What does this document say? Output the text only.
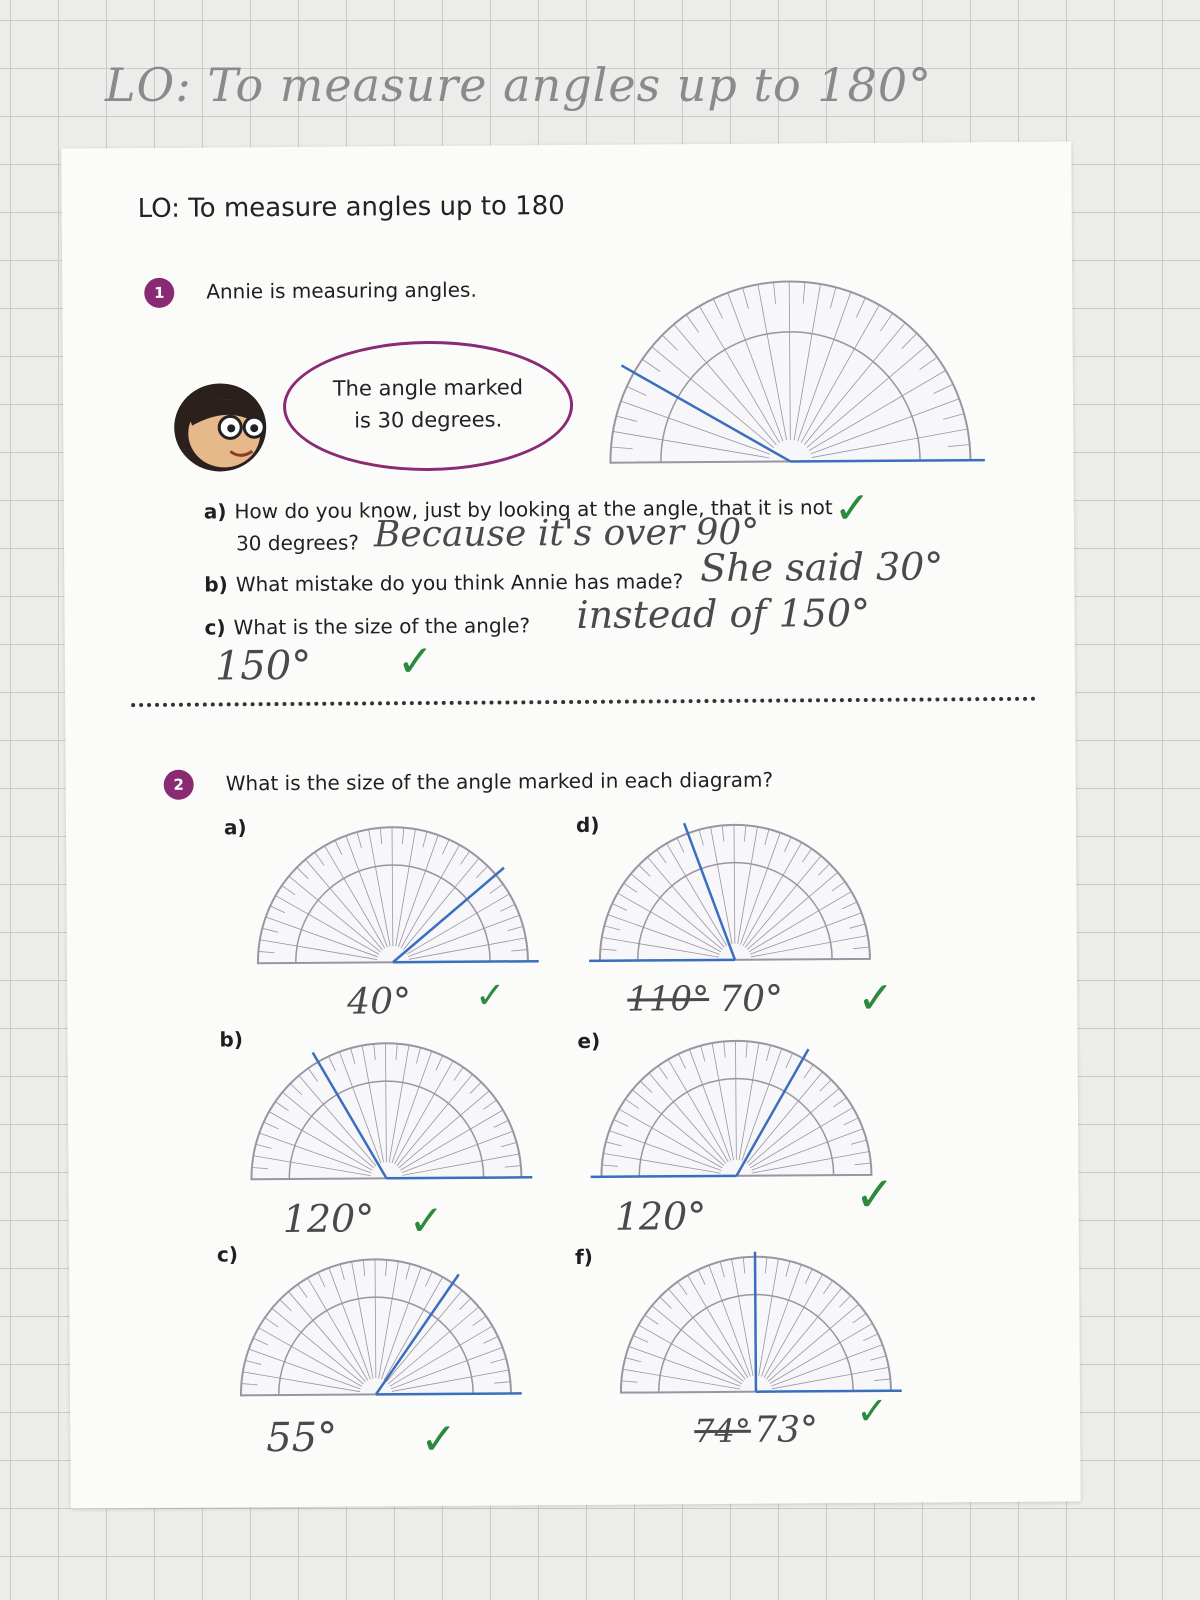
LO: To measure angles up to 180°
LO: To measure angles up to 180
1	Annie is measuring angles.
The angle marked
is 30 degrees.
a) How do you know, just by looking at the angle, that it is not
30 degrees? Because it's over 90° ✓
b) What mistake do you think Annie has made? She said 30°
instead of 150°
c) What is the size of the angle?
150° ✓
2	What is the size of the angle marked in each diagram?
a)
b)
c)
d)
e)
f)
40° ✓
120° ✓
55° ✓
110° 70° ✓
120°	✓
74° 73° ✓
